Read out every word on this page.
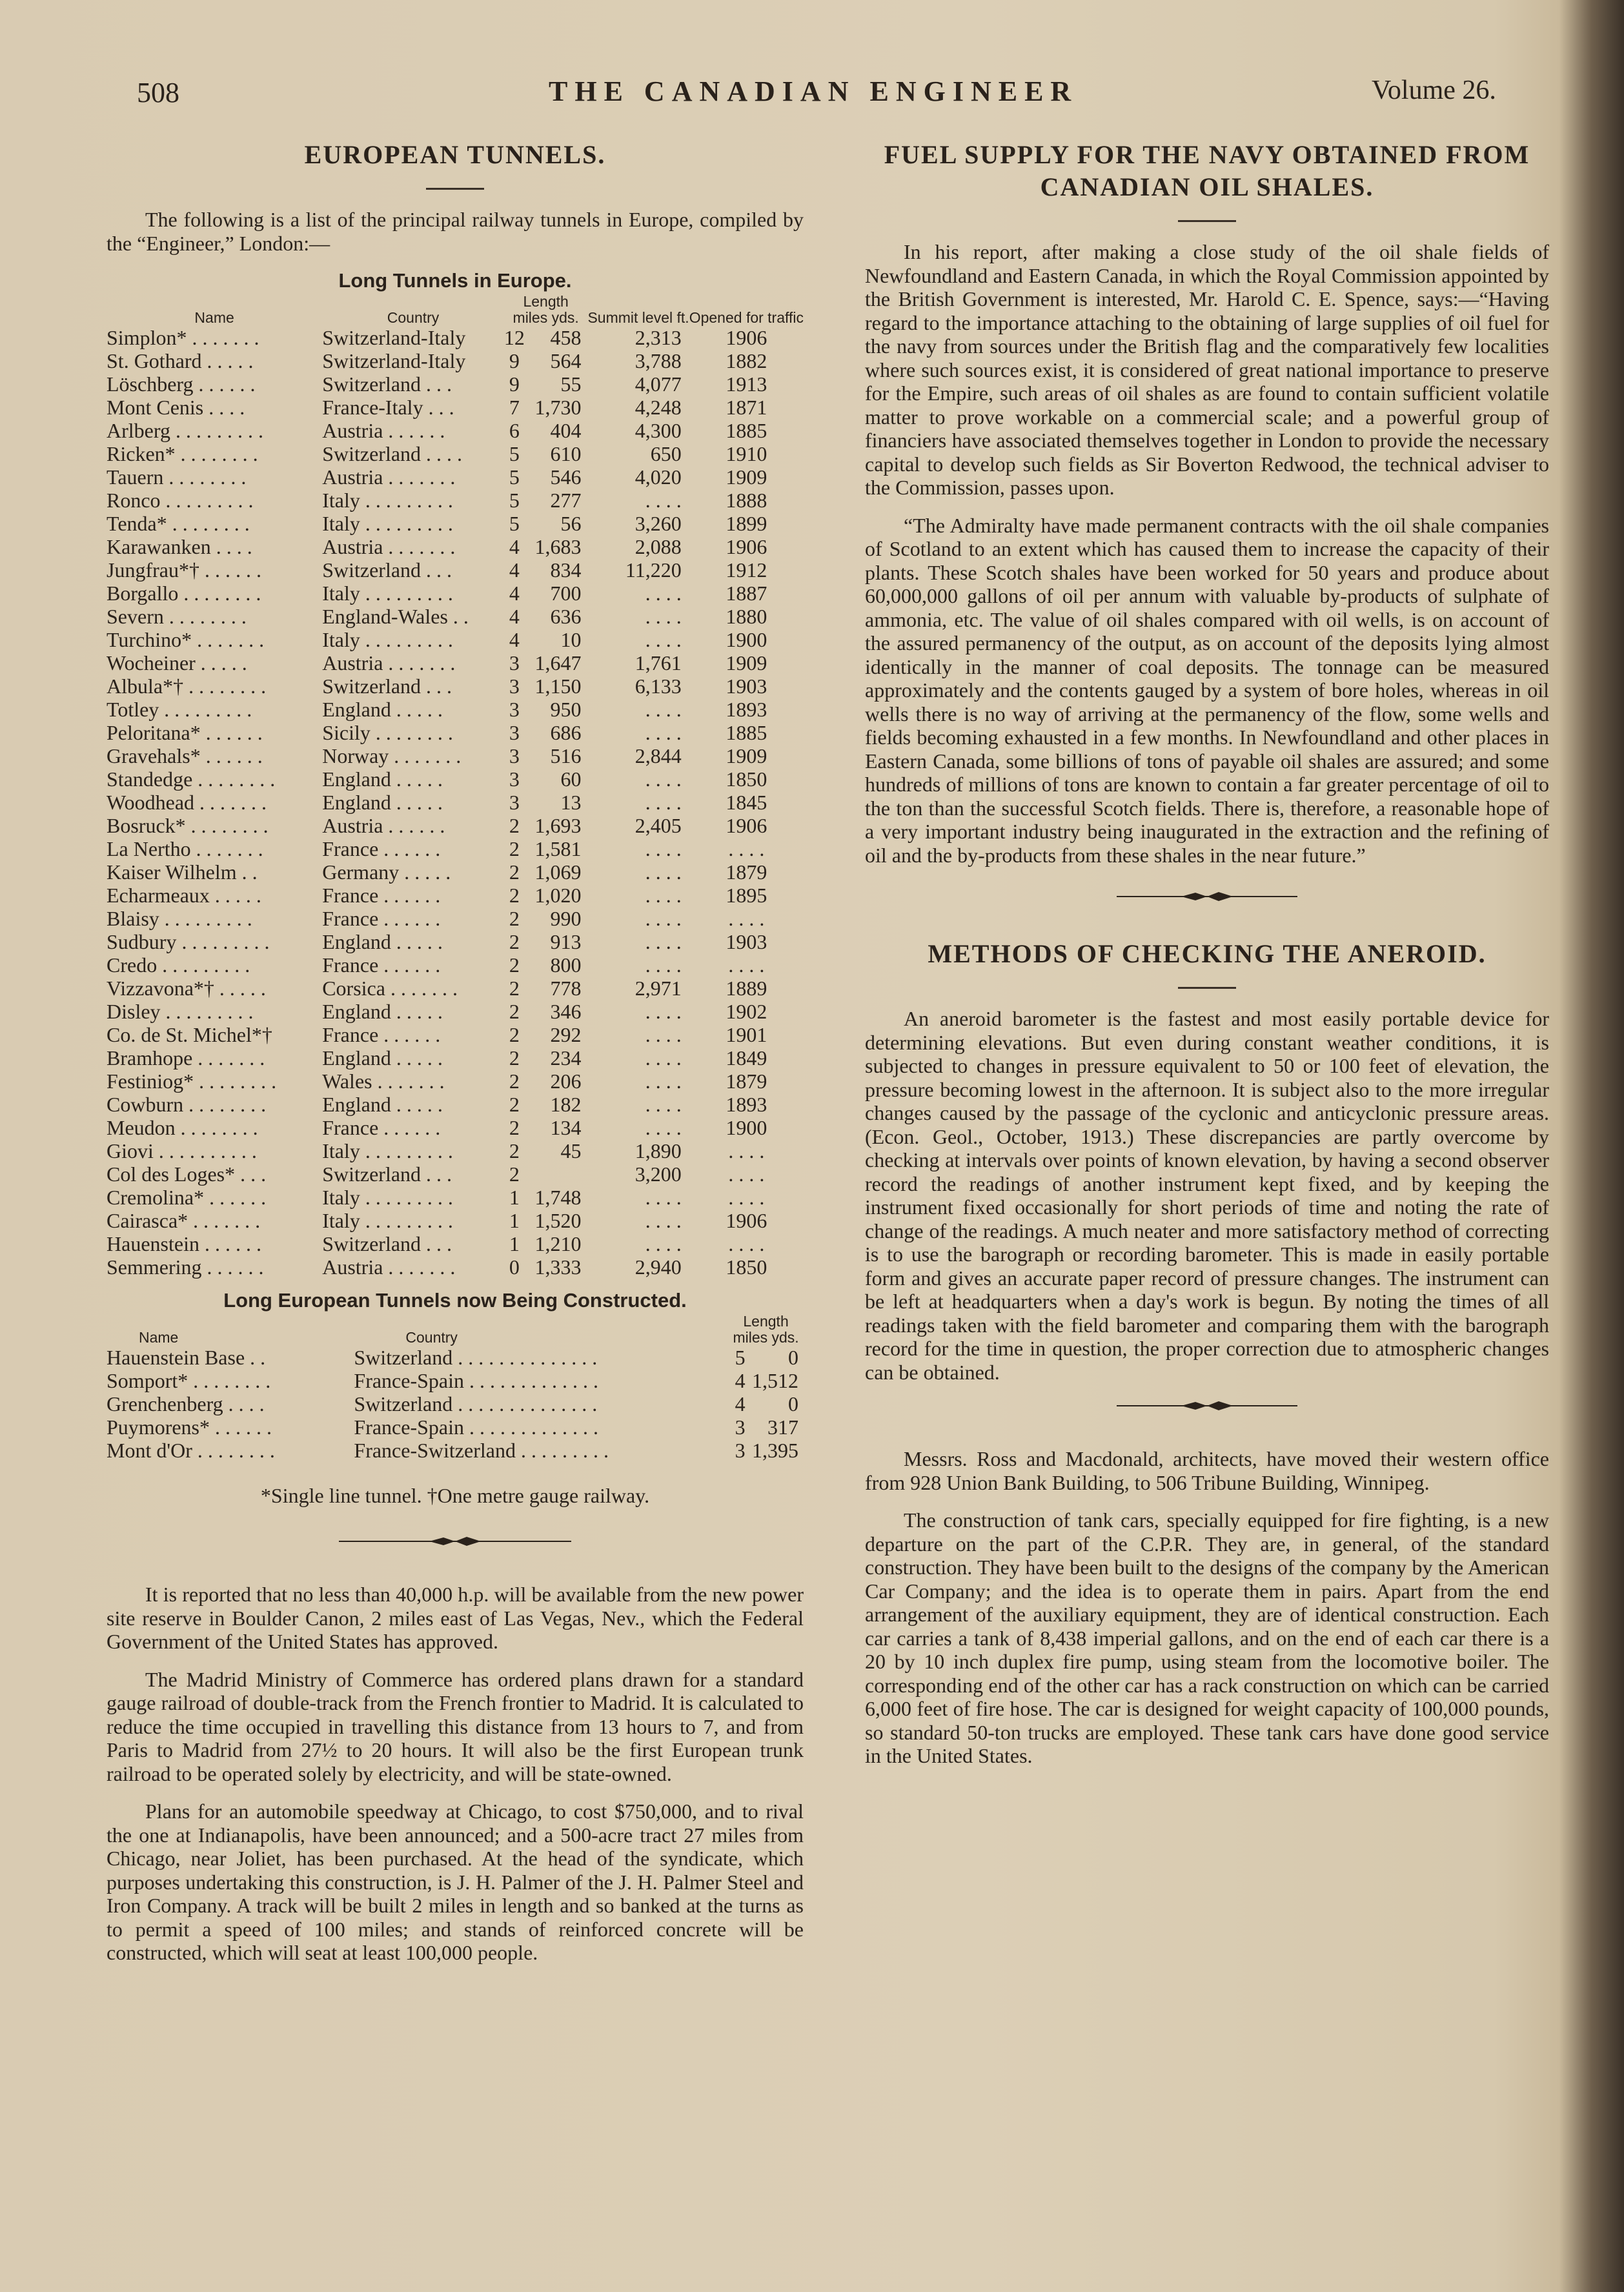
508	THE CANADIAN ENGINEER	Volume 26.
EUROPEAN TUNNELS.

The following is a list of the principal railway tunnels in Europe, compiled by the “Engineer,” London:—

Long Tunnels in Europe.
Name	Country	Length
miles yds.		Summit level ft.	Opened for traffic
Simplon* . . . . . . .	Switzerland-Italy	12	458	2,313	1906
St. Gothard . . . . .	Switzerland-Italy	9	564	3,788	1882
Löschberg . . . . . .	Switzerland . . .	9	55	4,077	1913
Mont Cenis . . . .	France-Italy . . .	7	1,730	4,248	1871
Arlberg . . . . . . . . .	Austria . . . . . .	6	404	4,300	1885
Ricken* . . . . . . . .	Switzerland . . . .	5	610	650	1910
Tauern . . . . . . . .	Austria . . . . . . .	5	546	4,020	1909
Ronco . . . . . . . . .	Italy . . . . . . . . .	5	277	. . . .	1888
Tenda* . . . . . . . .	Italy . . . . . . . . .	5	56	3,260	1899
Karawanken . . . .	Austria . . . . . . .	4	1,683	2,088	1906
Jungfrau*† . . . . . .	Switzerland . . .	4	834	11,220	1912
Borgallo . . . . . . . .	Italy . . . . . . . . .	4	700	. . . .	1887
Severn . . . . . . . .	England-Wales . .	4	636	. . . .	1880
Turchino* . . . . . . .	Italy . . . . . . . . .	4	10	. . . .	1900
Wocheiner . . . . .	Austria . . . . . . .	3	1,647	1,761	1909
Albula*† . . . . . . . .	Switzerland . . .	3	1,150	6,133	1903
Totley . . . . . . . . .	England . . . . .	3	950	. . . .	1893
Peloritana* . . . . . .	Sicily . . . . . . . .	3	686	. . . .	1885
Gravehals* . . . . . .	Norway . . . . . . .	3	516	2,844	1909
Standedge . . . . . . . .	England . . . . .	3	60	. . . .	1850
Woodhead . . . . . . .	England . . . . .	3	13	. . . .	1845
Bosruck* . . . . . . . .	Austria . . . . . .	2	1,693	2,405	1906
La Nertho . . . . . . .	France . . . . . .	2	1,581	. . . .	. . . .
Kaiser Wilhelm . .	Germany . . . . .	2	1,069	. . . .	1879
Echarmeaux . . . . .	France . . . . . .	2	1,020	. . . .	1895
Blaisy . . . . . . . . .	France . . . . . .	2	990	. . . .	. . . .
Sudbury . . . . . . . . .	England . . . . .	2	913	. . . .	1903
Credo . . . . . . . . .	France . . . . . .	2	800	. . . .	. . . .
Vizzavona*† . . . . .	Corsica . . . . . . .	2	778	2,971	1889
Disley . . . . . . . . .	England . . . . .	2	346	. . . .	1902
Co. de St. Michel*†	France . . . . . .	2	292	. . . .	1901
Bramhope . . . . . . .	England . . . . .	2	234	. . . .	1849
Festiniog* . . . . . . . .	Wales . . . . . . .	2	206	. . . .	1879
Cowburn . . . . . . . .	England . . . . .	2	182	. . . .	1893
Meudon . . . . . . . .	France . . . . . .	2	134	. . . .	1900
Giovi . . . . . . . . . .	Italy . . . . . . . . .	2	45	1,890	. . . .
Col des Loges* . . .	Switzerland . . .	2		3,200	. . . .
Cremolina* . . . . . .	Italy . . . . . . . . .	1	1,748	. . . .	. . . .
Cairasca* . . . . . . .	Italy . . . . . . . . .	1	1,520	. . . .	1906
Hauenstein . . . . . .	Switzerland . . .	1	1,210	. . . .	. . . .
Semmering . . . . . .	Austria . . . . . . .	0	1,333	2,940	1850
Long European Tunnels now Being Constructed.
Name	Country	Length
miles yds.	

Hauenstein Base . .	Switzerland . . . . . . . . . . . . . .	5	0
Somport* . . . . . . . .	France-Spain . . . . . . . . . . . . .	4	1,512
Grenchenberg . . . .	Switzerland . . . . . . . . . . . . . .	4	0
Puymorens* . . . . . .	France-Spain . . . . . . . . . . . . .	3	317
Mont d'Or . . . . . . . .	France-Switzerland . . . . . . . . .	3	1,395
*Single line tunnel. †One metre gauge railway.

It is reported that no less than 40,000 h.p. will be available from the new power site reserve in Boulder Canon, 2 miles east of Las Vegas, Nev., which the Federal Government of the United States has approved.

The Madrid Ministry of Commerce has ordered plans drawn for a standard gauge railroad of double-track from the French frontier to Madrid. It is calculated to reduce the time occupied in travelling this distance from 13 hours to 7, and from Paris to Madrid from 27½ to 20 hours. It will also be the first European trunk railroad to be operated solely by electricity, and will be state-owned.

Plans for an automobile speedway at Chicago, to cost $750,000, and to rival the one at Indianapolis, have been announced; and a 500-acre tract 27 miles from Chicago, near Joliet, has been purchased. At the head of the syndicate, which purposes undertaking this construction, is J. H. Palmer of the J. H. Palmer Steel and Iron Company. A track will be built 2 miles in length and so banked at the turns as to permit a speed of 100 miles; and stands of reinforced concrete will be constructed, which will seat at least 100,000 people.

FUEL SUPPLY FOR THE NAVY OBTAINED FROM
CANADIAN OIL SHALES.

In his report, after making a close study of the oil shale fields of Newfoundland and Eastern Canada, in which the Royal Commission appointed by the British Government is interested, Mr. Harold C. E. Spence, says:—“Having regard to the importance attaching to the obtaining of large supplies of oil fuel for the navy from sources under the British flag and the comparatively few localities where such sources exist, it is considered of great national importance to preserve for the Empire, such areas of oil shales as are found to contain sufficient volatile matter to prove workable on a commercial scale; and a powerful group of financiers have associated themselves together in London to provide the necessary capital to develop such fields as Sir Boverton Redwood, the technical adviser to the Commission, passes upon.

“The Admiralty have made permanent contracts with the oil shale companies of Scotland to an extent which has caused them to increase the capacity of their plants. These Scotch shales have been worked for 50 years and produce about 60,000,000 gallons of oil per annum with valuable by-products of sulphate of ammonia, etc. The value of oil shales compared with oil wells, is on account of the assured permanency of the output, as on account of the deposits lying almost identically in the manner of coal deposits. The tonnage can be measured approximately and the contents gauged by a system of bore holes, whereas in oil wells there is no way of arriving at the permanency of the flow, some wells and fields becoming exhausted in a few months. In Newfoundland and other places in Eastern Canada, some billions of tons of payable oil shales are assured; and some hundreds of millions of tons are known to contain a far greater percentage of oil to the ton than the successful Scotch fields. There is, therefore, a reasonable hope of a very important industry being inaugurated in the extraction and the refining of oil and the by-products from these shales in the near future.”

METHODS OF CHECKING THE ANEROID.

An aneroid barometer is the fastest and most easily portable device for determining elevations. But even during constant weather conditions, it is subjected to changes in pressure equivalent to 50 or 100 feet of elevation, the pressure becoming lowest in the afternoon. It is subject also to the more irregular changes caused by the passage of the cyclonic and anticyclonic pressure areas. (Econ. Geol., October, 1913.) These discrepancies are partly overcome by checking at intervals over points of known elevation, by having a second observer record the readings of another instrument kept fixed, and by keeping the instrument fixed occasionally for short periods of time and noting the rate of change of the readings. A much neater and more satisfactory method of correcting is to use the barograph or recording barometer. This is made in easily portable form and gives an accurate paper record of pressure changes. The instrument can be left at headquarters when a day's work is begun. By noting the times of all readings taken with the field barometer and comparing them with the barograph record for the time in question, the proper correction due to atmospheric changes can be obtained.

Messrs. Ross and Macdonald, architects, have moved their western office from 928 Union Bank Building, to 506 Tribune Building, Winnipeg.

The construction of tank cars, specially equipped for fire fighting, is a new departure on the part of the C.P.R. They are, in general, of the standard construction. They have been built to the designs of the company by the American Car Company; and the idea is to operate them in pairs. Apart from the end arrangement of the auxiliary equipment, they are of identical construction. Each car carries a tank of 8,438 imperial gallons, and on the end of each car there is a 20 by 10 inch duplex fire pump, using steam from the locomotive boiler. The corresponding end of the other car has a rack construction on which can be carried 6,000 feet of fire hose. The car is designed for weight capacity of 100,000 pounds, so standard 50-ton trucks are employed. These tank cars have done good service in the United States.
